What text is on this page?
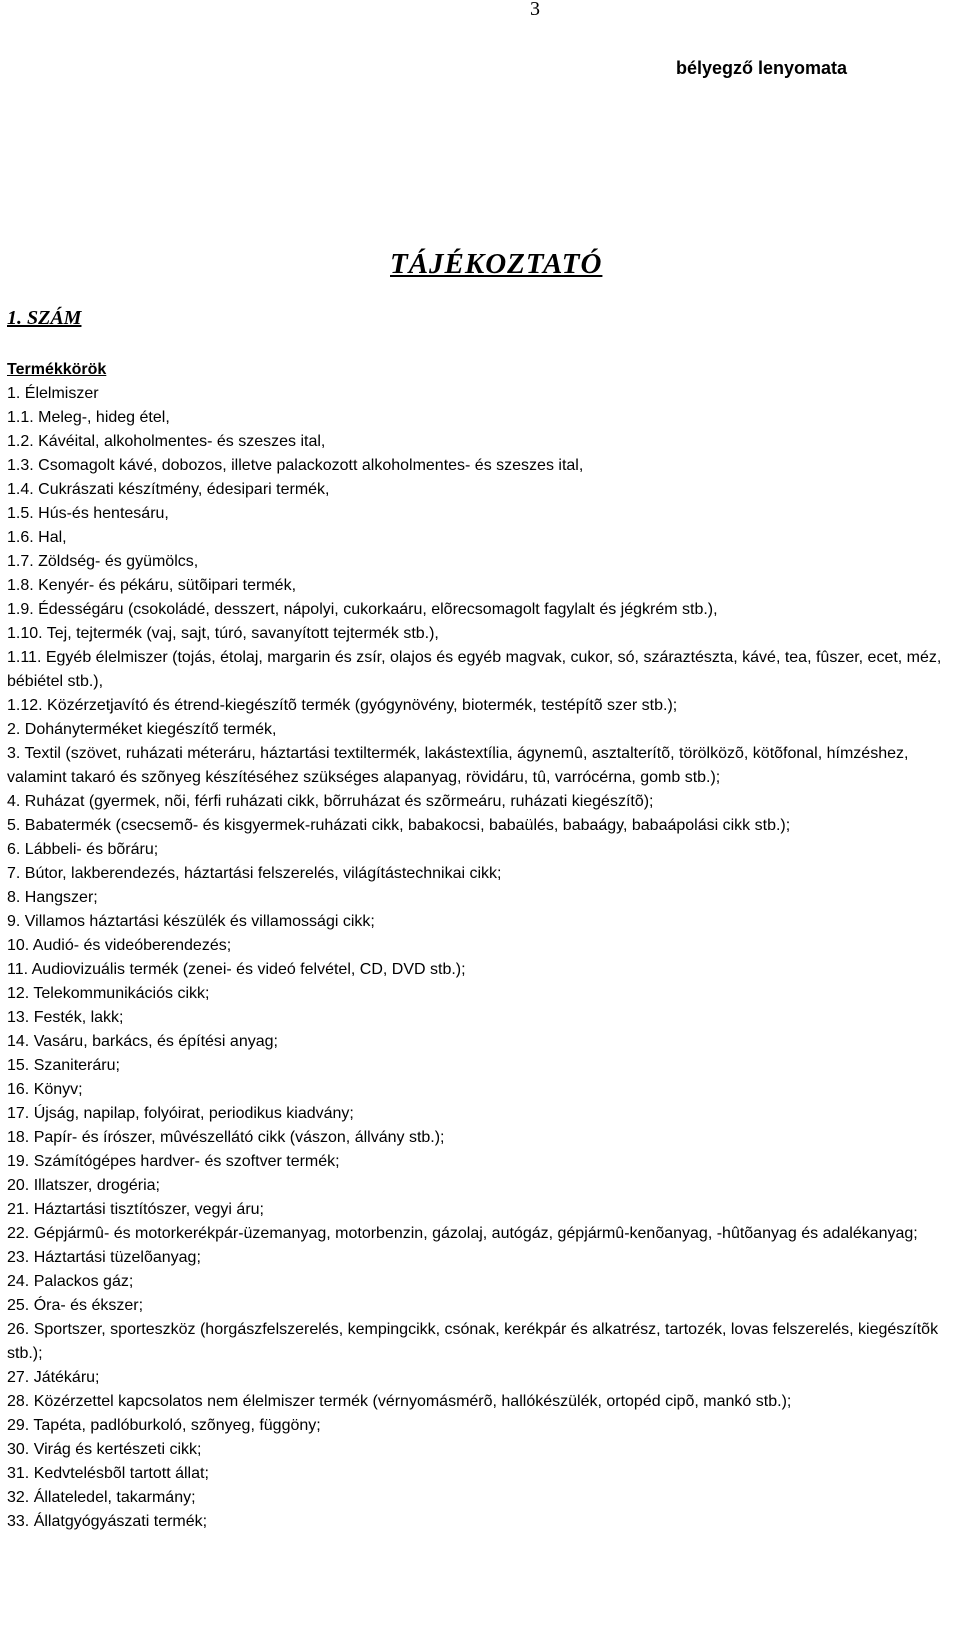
3
bélyegző lenyomata
TÁJÉKOZTATÓ
1. SZÁM
Termékkörök
1. Élelmiszer
1.1. Meleg-, hideg étel,
1.2. Kávéital, alkoholmentes- és szeszes ital,
1.3. Csomagolt kávé, dobozos, illetve palackozott alkoholmentes- és szeszes ital,
1.4. Cukrászati készítmény, édesipari termék,
1.5. Hús-és hentesáru,
1.6. Hal,
1.7. Zöldség- és gyümölcs,
1.8. Kenyér- és pékáru, sütõipari termék,
1.9. Édességáru (csokoládé, desszert, nápolyi, cukorkaáru, elõrecsomagolt fagylalt és jégkrém stb.),
1.10. Tej, tejtermék (vaj, sajt, túró, savanyított tejtermék stb.),
1.11. Egyéb élelmiszer (tojás, étolaj, margarin és zsír, olajos és egyéb magvak, cukor, só, száraztészta, kávé, tea, fûszer, ecet, méz, bébiétel stb.),
1.12. Közérzetjavító és étrend-kiegészítõ termék (gyógynövény, biotermék, testépítõ szer stb.);
2. Dohányterméket kiegészítő termék,
3. Textil (szövet, ruházati méteráru, háztartási textiltermék, lakástextília, ágynemû, asztalterítõ, törölközõ, kötõfonal, hímzéshez, valamint takaró és szõnyeg készítéséhez szükséges alapanyag, rövidáru, tû, varrócérna, gomb stb.);
4. Ruházat (gyermek, nõi, férfi ruházati cikk, bõrruházat és szõrmeáru, ruházati kiegészítõ);
5. Babatermék (csecsemõ- és kisgyermek-ruházati cikk, babakocsi, babaülés, babaágy, babaápolási cikk stb.);
6. Lábbeli- és bõráru;
7. Bútor, lakberendezés, háztartási felszerelés, világítástechnikai cikk;
8. Hangszer;
9. Villamos háztartási készülék és villamossági cikk;
10. Audió- és videóberendezés;
11. Audiovizuális termék (zenei- és videó felvétel, CD, DVD stb.);
12. Telekommunikációs cikk;
13. Festék, lakk;
14. Vasáru, barkács, és építési anyag;
15. Szaniteráru;
16. Könyv;
17. Újság, napilap, folyóirat, periodikus kiadvány;
18. Papír- és írószer, mûvészellátó cikk (vászon, állvány stb.);
19. Számítógépes hardver- és szoftver termék;
20. Illatszer, drogéria;
21. Háztartási tisztítószer, vegyi áru;
22. Gépjármû- és motorkerékpár-üzemanyag, motorbenzin, gázolaj, autógáz, gépjármû-kenõanyag, -hûtõanyag és adalékanyag;
23. Háztartási tüzelõanyag;
24. Palackos gáz;
25. Óra- és ékszer;
26. Sportszer, sporteszköz (horgászfelszerelés, kempingcikk, csónak, kerékpár és alkatrész, tartozék, lovas felszerelés, kiegészítõk stb.);
27. Játékáru;
28. Közérzettel kapcsolatos nem élelmiszer termék (vérnyomásmérõ, hallókészülék, ortopéd cipõ, mankó stb.);
29. Tapéta, padlóburkoló, szõnyeg, függöny;
30. Virág és kertészeti cikk;
31. Kedvtelésbõl tartott állat;
32. Állateledel, takarmány;
33. Állatgyógyászati termék;
